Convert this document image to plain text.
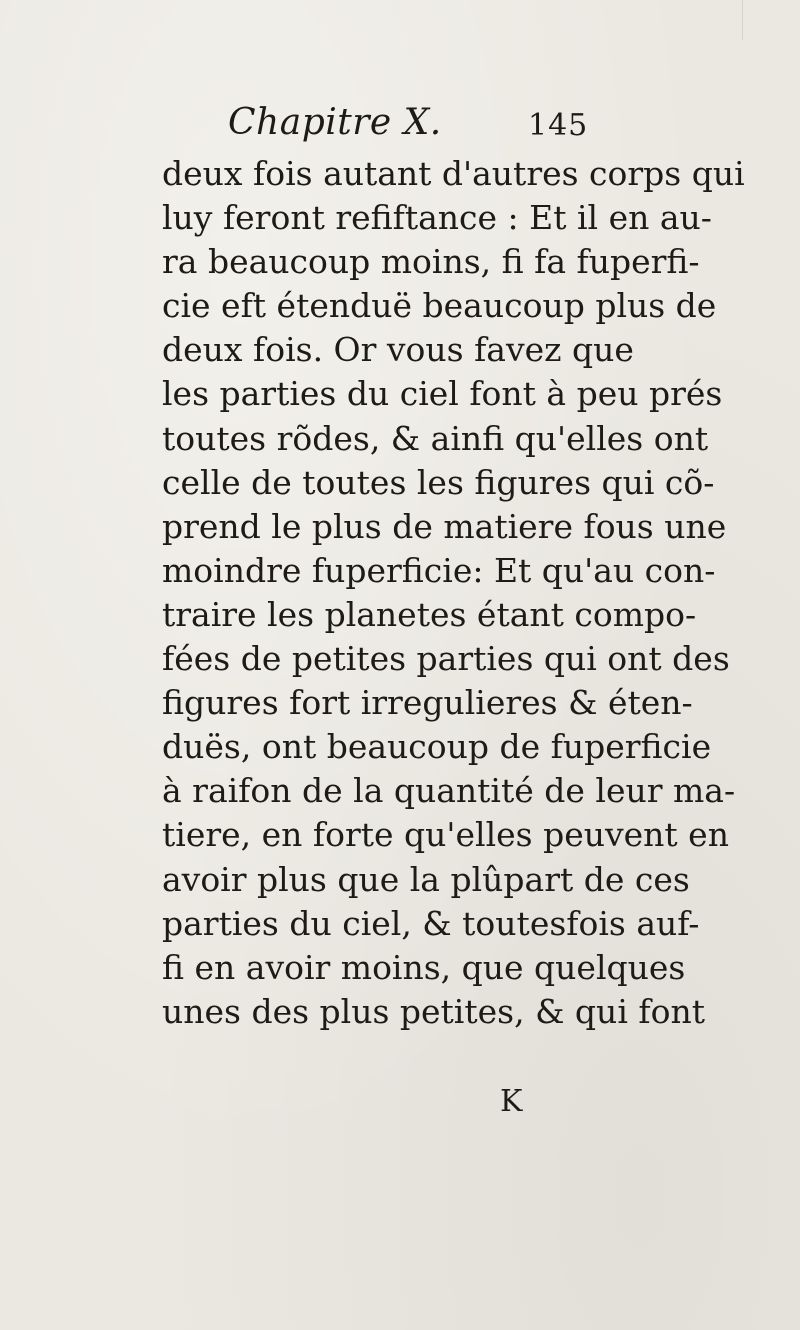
Chapitre X.	145
deux fois autant d'autres corps qui
luy feront refiftance : Et il en au-
ra beaucoup moins, fi fa fuperfi-
cie eft étenduë beaucoup plus de
deux fois. Or vous favez que
les parties du ciel font à peu prés
toutes rõdes, & ainfi qu'elles ont
celle de toutes les figures qui cõ-
prend le plus de matiere fous une
moindre fuperficie: Et qu'au con-
traire les planetes étant compo-
fées de petites parties qui ont des
figures fort irregulieres & éten-
duës, ont beaucoup de fuperficie
à raifon de la quantité de leur ma-
tiere, en forte qu'elles peuvent en
avoir plus que la plûpart de ces
parties du ciel, & toutesfois auf-
fi en avoir moins, que quelques
unes des plus petites, & qui font
K
